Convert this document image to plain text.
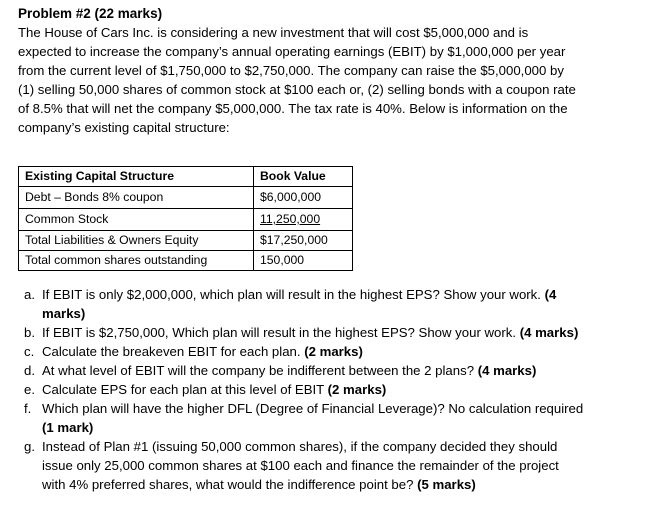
Problem #2 (22 marks)

The House of Cars Inc. is considering a new investment that will cost $5,000,000 and is

expected to increase the company’s annual operating earnings (EBIT) by $1,000,000 per year

from the current level of $1,750,000 to $2,750,000. The company can raise the $5,000,000 by

(1) selling 50,000 shares of common stock at $100 each or, (2) selling bonds with a coupon rate

of 8.5% that will net the company $5,000,000. The tax rate is 40%. Below is information on the

company’s existing capital structure:

Existing Capital Structure	Book Value
Debt – Bonds 8% coupon	$6,000,000
Common Stock	11,250,000
Total Liabilities & Owners Equity	$17,250,000
Total common shares outstanding	150,000
a. If EBIT is only $2,000,000, which plan will result in the highest EPS? Show your work. (4
marks)
b. If EBIT is $2,750,000, Which plan will result in the highest EPS? Show your work. (4 marks)
c. Calculate the breakeven EBIT for each plan. (2 marks)
d. At what level of EBIT will the company be indifferent between the 2 plans? (4 marks)
e. Calculate EPS for each plan at this level of EBIT (2 marks)
f. Which plan will have the higher DFL (Degree of Financial Leverage)? No calculation required
(1 mark)
g. Instead of Plan #1 (issuing 50,000 common shares), if the company decided they should
issue only 25,000 common shares at $100 each and finance the remainder of the project
with 4% preferred shares, what would the indifference point be? (5 marks)
